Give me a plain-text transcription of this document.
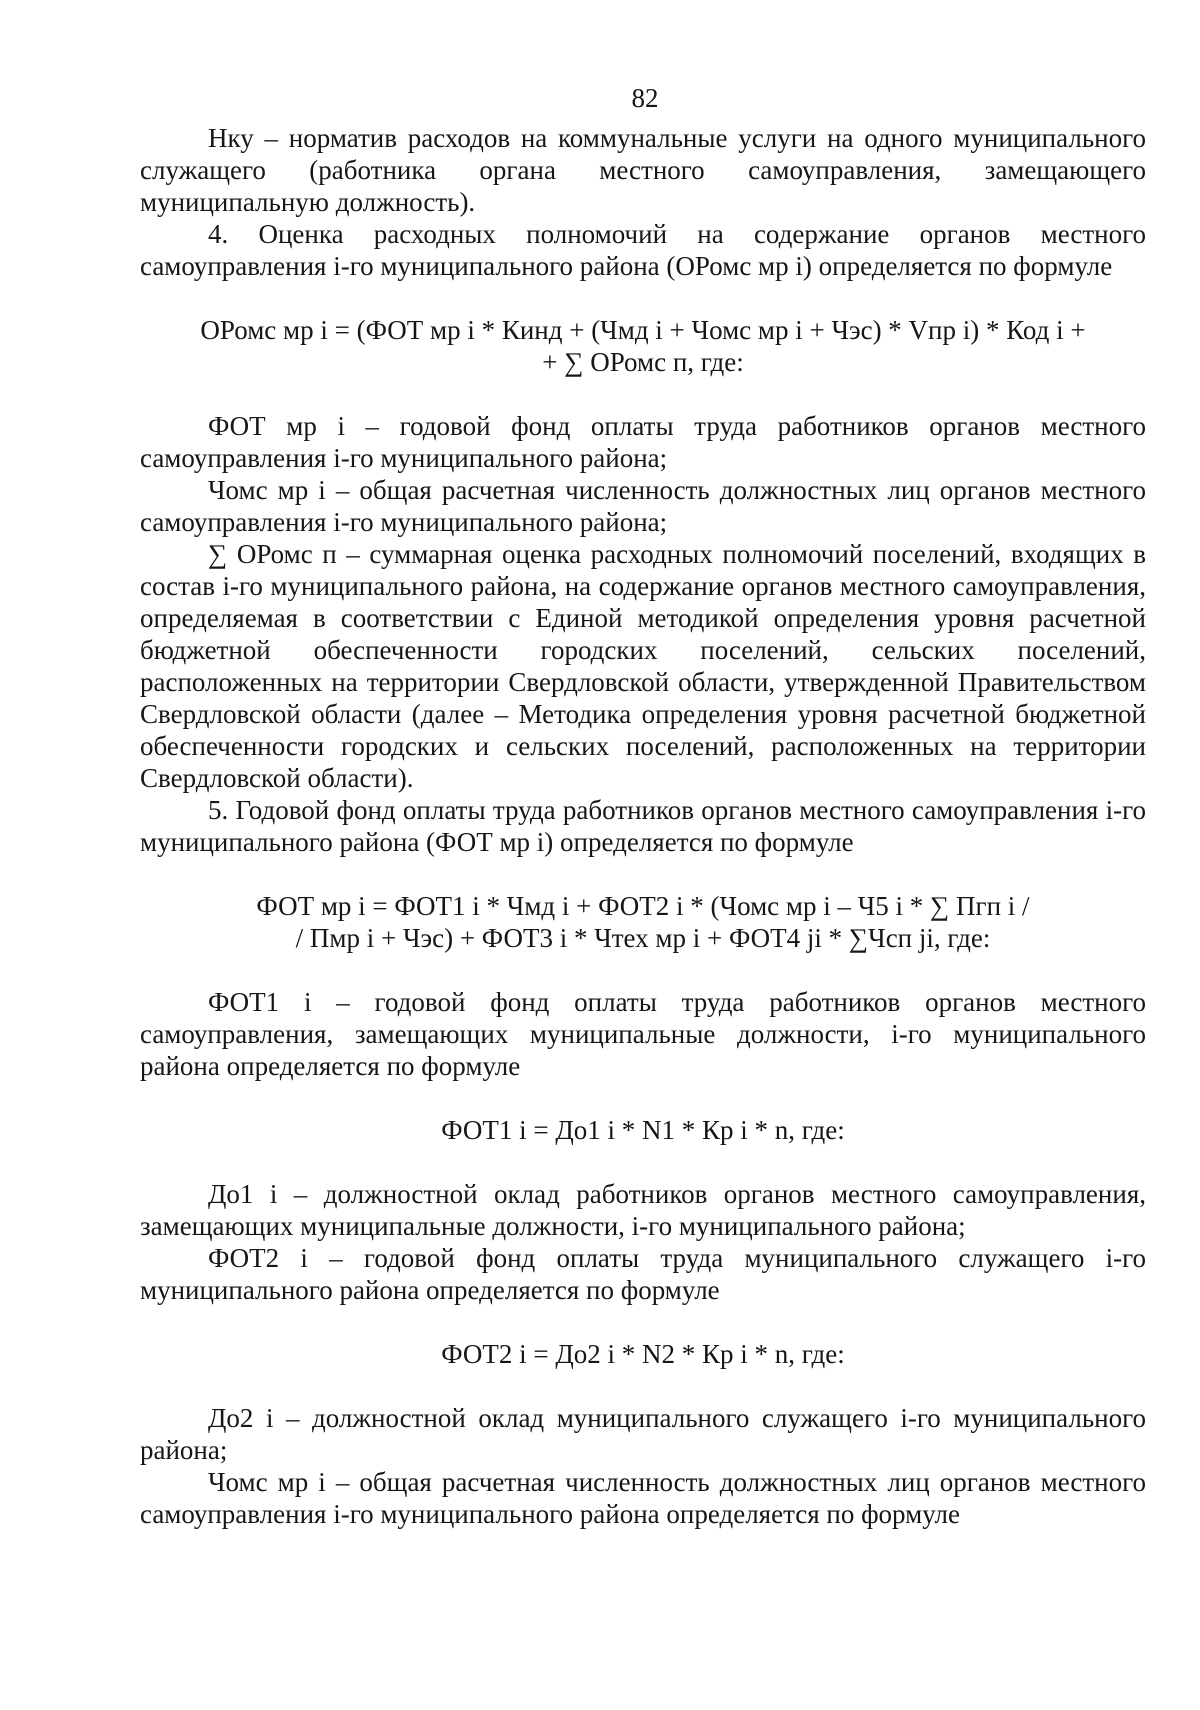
82

Нку – норматив расходов на коммунальные услуги на одного муниципального служащего (работника органа местного самоуправления, замещающего муниципальную должность).

4. Оценка расходных полномочий на содержание органов местного самоуправления i-го муниципального района (ОРомс мр i) определяется по формуле

ОРомс мр i = (ФОТ мр i * Кинд + (Чмд i + Чомс мр i + Чэс) * Vпр i) * Код i +

+ ∑ ОРомс п, где:

ФОТ мр i – годовой фонд оплаты труда работников органов местного самоуправления i-го муниципального района;

Чомс мр i – общая расчетная численность должностных лиц органов местного самоуправления i-го муниципального района;

∑ ОРомс п – суммарная оценка расходных полномочий поселений, входящих в состав i-го муниципального района, на содержание органов местного самоуправления, определяемая в соответствии с Единой методикой определения уровня расчетной бюджетной обеспеченности городских поселений, сельских поселений, расположенных на территории Свердловской области, утвержденной Правительством Свердловской области (далее – Методика определения уровня расчетной бюджетной обеспеченности городских и сельских поселений, расположенных на территории Свердловской области).

5. Годовой фонд оплаты труда работников органов местного самоуправления i-го муниципального района (ФОТ мр i) определяется по формуле

ФОТ мр i = ФОТ1 i * Чмд i + ФОТ2 i * (Чомс мр i – Ч5 i * ∑ Пгп i /

/ Пмр i + Чэс) + ФОТ3 i * Чтех мр i + ФОТ4 ji * ∑Чсп ji, где:

ФОТ1 i – годовой фонд оплаты труда работников органов местного самоуправления, замещающих муниципальные должности, i-го муниципального района определяется по формуле

ФОТ1 i = До1 i * N1 * Кр i * n, где:

До1 i – должностной оклад работников органов местного самоуправления, замещающих муниципальные должности, i-го муниципального района;

ФОТ2 i – годовой фонд оплаты труда муниципального служащего i-го муниципального района определяется по формуле

ФОТ2 i = До2 i * N2 * Кр i * n, где:

До2 i – должностной оклад муниципального служащего i-го муниципального района;

Чомс мр i – общая расчетная численность должностных лиц органов местного самоуправления i-го муниципального района определяется по формуле
